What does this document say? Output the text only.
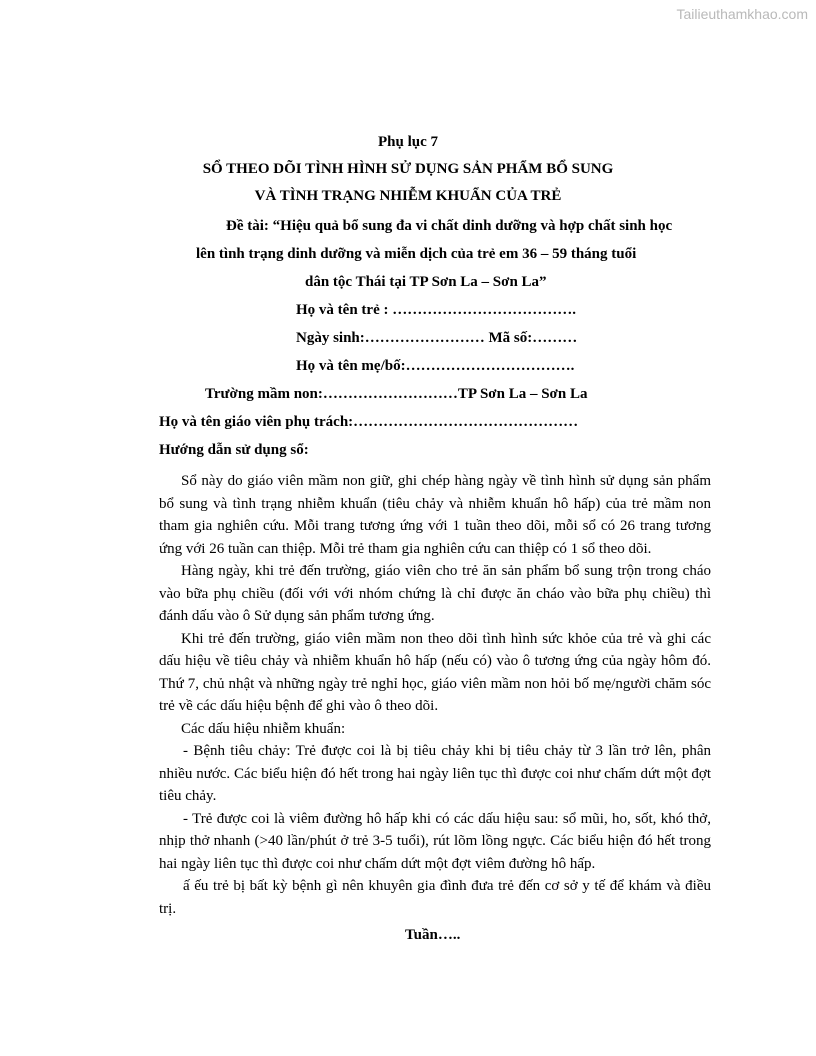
Tailieuthamkhao.com
Phụ lục 7
SỔ THEO DÕI TÌNH HÌNH SỬ DỤNG SẢN PHẨM BỔ SUNG
VÀ TÌNH TRẠNG NHIỄM KHUẨN CỦA TRẺ
Đề tài: “Hiệu quả bổ sung đa vi chất dinh dưỡng và hợp chất sinh học
lên tình trạng dinh dưỡng và miễn dịch của trẻ em 36 – 59 tháng tuổi
dân tộc Thái tại TP Sơn La – Sơn La”
Họ và tên trẻ : ……………………………….
Ngày sinh:…………………… Mã số:………
Họ và tên mẹ/bố:…………………………….
Trường mầm non:………………………TP Sơn La – Sơn La
Họ và tên giáo viên phụ trách:………………………………………
Hướng dẫn sử dụng sổ:

Sổ này do giáo viên mầm non giữ, ghi chép hàng ngày về tình hình sử dụng sản phẩm bổ sung và tình trạng nhiễm khuẩn (tiêu chảy và nhiễm khuẩn hô hấp) của trẻ mầm non tham gia nghiên cứu. Mỗi trang tương ứng với 1 tuần theo dõi, mỗi sổ có 26 trang tương ứng với 26 tuần can thiệp. Mỗi trẻ tham gia nghiên cứu can thiệp có 1 sổ theo dõi.

Hàng ngày, khi trẻ đến trường, giáo viên cho trẻ ăn sản phẩm bổ sung trộn trong cháo vào bữa phụ chiều (đối với với nhóm chứng là chỉ được ăn cháo vào bữa phụ chiều) thì đánh dấu vào ô Sử dụng sản phẩm tương ứng.

Khi trẻ đến trường, giáo viên mầm non theo dõi tình hình sức khỏe của trẻ và ghi các dấu hiệu về tiêu chảy và nhiễm khuẩn hô hấp (nếu có) vào ô tương ứng của ngày hôm đó. Thứ 7, chủ nhật và những ngày trẻ nghỉ học, giáo viên mầm non hỏi bố mẹ/người chăm sóc trẻ về các dấu hiệu bệnh để ghi vào ô theo dõi.

Các dấu hiệu nhiễm khuẩn:

- Bệnh tiêu chảy: Trẻ được coi là bị tiêu chảy khi bị tiêu chảy từ 3 lần trở lên, phân nhiều nước. Các biểu hiện đó hết trong hai ngày liên tục thì được coi như chấm dứt một đợt tiêu chảy.

- Trẻ được coi là viêm đường hô hấp khi có các dấu hiệu sau: sổ mũi, ho, sốt, khó thở, nhịp thở nhanh (>40 lần/phút ở trẻ 3-5 tuổi), rút lõm lồng ngực. Các biểu hiện đó hết trong hai ngày liên tục thì được coi như chấm dứt một đợt viêm đường hô hấp.

ấ ếu trẻ bị bất kỳ bệnh gì nên khuyên gia đình đưa trẻ đến cơ sở y tế để khám và điều trị.

Tuần…..
